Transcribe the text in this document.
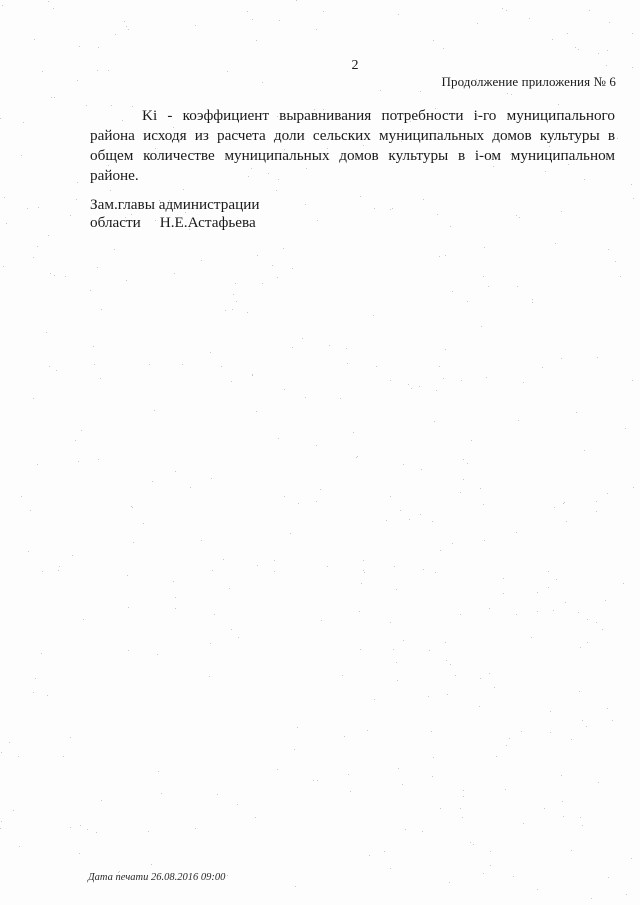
2
Продолжение приложения № 6

Ki - коэффициент выравнивания потребности i-го муниципального района исходя из расчета доли сельских муниципальных домов культуры в общем количестве муниципальных домов культуры в i-ом муниципальном районе.

Зам.главы администрации
области     Н.Е.Астафьева
Дата печати 26.08.2016 09:00
